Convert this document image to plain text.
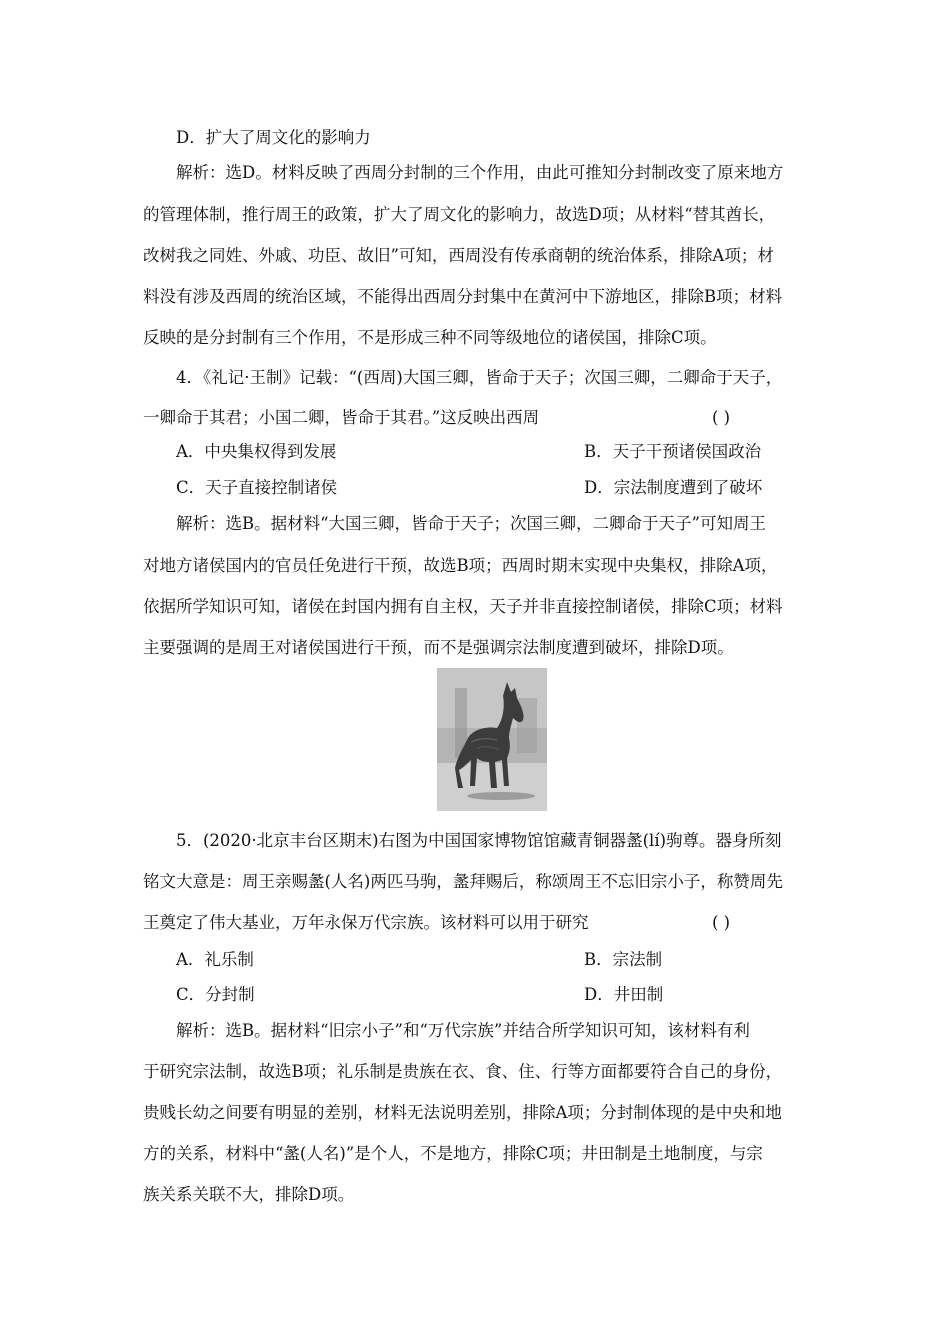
D．扩大了周文化的影响力
解析：选D。材料反映了西周分封制的三个作用，由此可推知分封制改变了原来地方
的管理体制，推行周王的政策，扩大了周文化的影响力，故选D项；从材料“替其酋长，
改树我之同姓、外戚、功臣、故旧”可知，西周没有传承商朝的统治体系，排除A项；材
料没有涉及西周的统治区域，不能得出西周分封集中在黄河中下游地区，排除B项；材料
反映的是分封制有三个作用，不是形成三种不同等级地位的诸侯国，排除C项。
4．《礼记·王制》记载：“(西周)大国三卿，皆命于天子；次国三卿，二卿命于天子，
一卿命于其君；小国二卿，皆命于其君。”这反映出西周	( )
A．中央集权得到发展	B．天子干预诸侯国政治
C．天子直接控制诸侯	D．宗法制度遭到了破坏
解析：选B。据材料“大国三卿，皆命于天子；次国三卿，二卿命于天子”可知周王
对地方诸侯国内的官员任免进行干预，故选B项；西周时期末实现中央集权，排除A项，
依据所学知识可知，诸侯在封国内拥有自主权，天子并非直接控制诸侯，排除C项；材料
主要强调的是周王对诸侯国进行干预，而不是强调宗法制度遭到破坏，排除D项。
5．(2020·北京丰台区期末)右图为中国国家博物馆馆藏青铜器盠(lí)驹尊。器身所刻
铭文大意是：周王亲赐盠(人名)两匹马驹，盠拜赐后，称颂周王不忘旧宗小子，称赞周先
王奠定了伟大基业，万年永保万代宗族。该材料可以用于研究	( )
A．礼乐制	B．宗法制
C．分封制	D．井田制
解析：选B。据材料“旧宗小子”和“万代宗族”并结合所学知识可知，该材料有利
于研究宗法制，故选B项；礼乐制是贵族在衣、食、住、行等方面都要符合自己的身份，
贵贱长幼之间要有明显的差别，材料无法说明差别，排除A项；分封制体现的是中央和地
方的关系，材料中“盠(人名)”是个人，不是地方，排除C项；井田制是土地制度，与宗
族关系关联不大，排除D项。
